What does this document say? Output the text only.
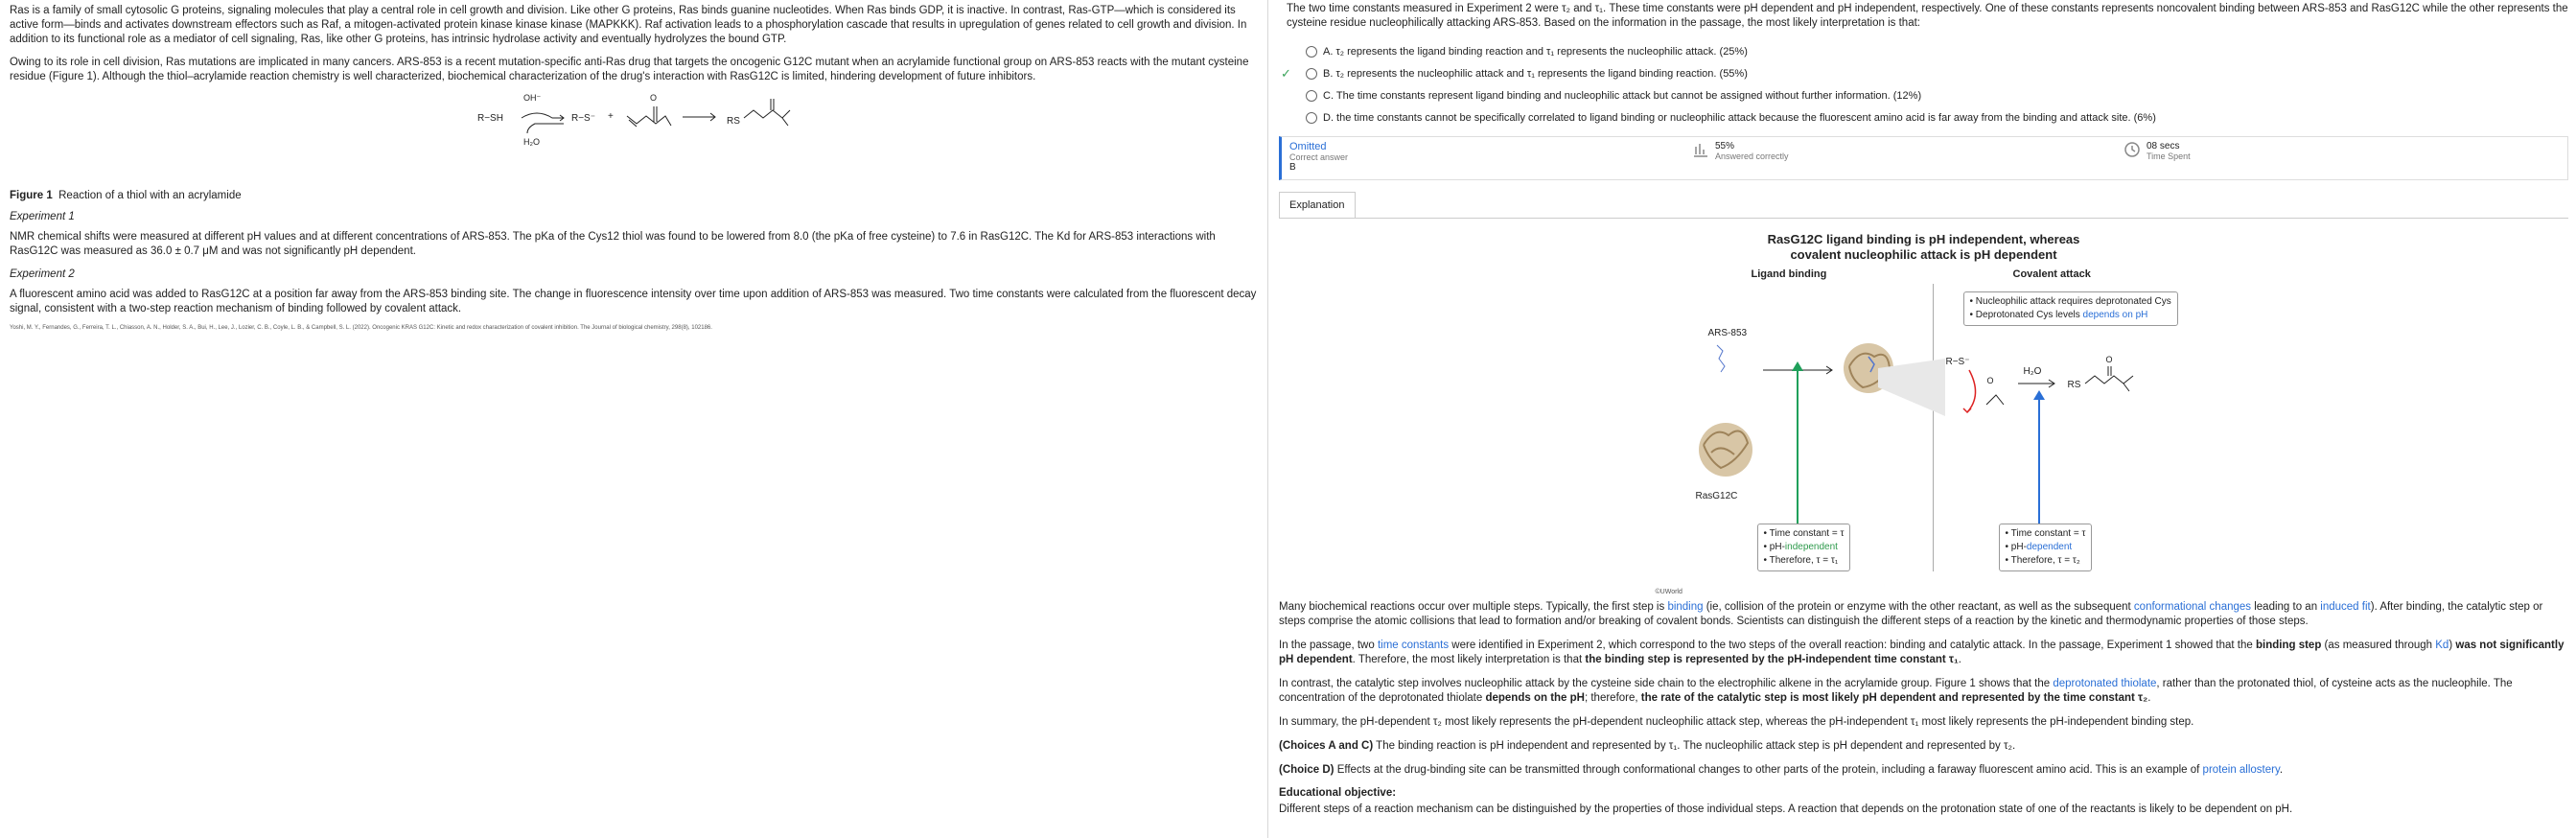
Ras is a family of small cytosolic G proteins, signaling molecules that play a central role in cell growth and division. Like other G proteins, Ras binds guanine nucleotides. When Ras binds GDP, it is inactive. In contrast, Ras-GTP—which is considered its active form—binds and activates downstream effectors such as Raf, a mitogen-activated protein kinase kinase kinase (MAPKKK). Raf activation leads to a phosphorylation cascade that results in upregulation of genes related to cell growth and division. In addition to its functional role as a mediator of cell signaling, Ras, like other G proteins, has intrinsic hydrolase activity and eventually hydrolyzes the bound GTP.

Owing to its role in cell division, Ras mutations are implicated in many cancers. ARS-853 is a recent mutation-specific anti-Ras drug that targets the oncogenic G12C mutant when an acrylamide functional group on ARS-853 reacts with the mutant cysteine residue (Figure 1). Although the thiol–acrylamide reaction chemistry is well characterized, biochemical characterization of the drug's interaction with RasG12C is limited, hindering development of future inhibitors.

R−SH
OH⁻
H₂O
R−S⁻ +
O
→ RS

Figure 1 Reaction of a thiol with an acrylamide

Experiment 1

NMR chemical shifts were measured at different pH values and at different concentrations of ARS-853. The pKa of the Cys12 thiol was found to be lowered from 8.0 (the pKa of free cysteine) to 7.6 in RasG12C. The Kd for ARS-853 interactions with RasG12C was measured as 36.0 ± 0.7 μM and was not significantly pH dependent.

Experiment 2

A fluorescent amino acid was added to RasG12C at a position far away from the ARS-853 binding site. The change in fluorescence intensity over time upon addition of ARS-853 was measured. Two time constants were calculated from the fluorescent decay signal, consistent with a two-step reaction mechanism of binding followed by covalent attack.

Yoshi, M. Y., Fernandes, G., Ferreira, T. L., Chiasson, A. N., Holder, S. A., Bui, H., Lee, J., Lozier, C. B., Coyle, L. B., & Campbell, S. L. (2022). Oncogenic KRAS G12C: Kinetic and redox characterization of covalent inhibition. The Journal of biological chemistry, 298(8), 102186.

The two time constants measured in Experiment 2 were τ₂ and τ₁. These time constants were pH dependent and pH independent, respectively. One of these constants represents noncovalent binding between ARS-853 and RasG12C while the other represents the cysteine residue nucleophilically attacking ARS-853. Based on the information in the passage, the most likely interpretation is that:

A. τ₂ represents the ligand binding reaction and τ₁ represents the nucleophilic attack. (25%)
✓	B. τ₂ represents the nucleophilic attack and τ₁ represents the ligand binding reaction. (55%)
C. The time constants represent ligand binding and nucleophilic attack but cannot be assigned without further information. (12%)
D. the time constants cannot be specifically correlated to ligand binding or nucleophilic attack because the fluorescent amino acid is far away from the binding and attack site. (6%)
Omitted
Correct answer
B
55%
Answered correctly
08 secs
Time Spent
Explanation
RasG12C ligand binding is pH independent, whereas
covalent nucleophilic attack is pH dependent
Ligand binding	Covalent attack
• Nucleophilic attack requires deprotonated Cys
• Deprotonated Cys levels depends on pH
ARS-853
RasG12C
R−S⁻
O
H₂O
RS
O
• Time constant = τ
• pH-independent
• Therefore, τ = τ₁
• Time constant = τ
• pH-dependent
• Therefore, τ = τ₂
©UWorld

Many biochemical reactions occur over multiple steps. Typically, the first step is binding (ie, collision of the protein or enzyme with the other reactant, as well as the subsequent conformational changes leading to an induced fit). After binding, the catalytic step or steps comprise the atomic collisions that lead to formation and/or breaking of covalent bonds. Scientists can distinguish the different steps of a reaction by the kinetic and thermodynamic properties of those steps.

In the passage, two time constants were identified in Experiment 2, which correspond to the two steps of the overall reaction: binding and catalytic attack. In the passage, Experiment 1 showed that the binding step (as measured through Kd) was not significantly pH dependent. Therefore, the most likely interpretation is that the binding step is represented by the pH-independent time constant τ₁.

In contrast, the catalytic step involves nucleophilic attack by the cysteine side chain to the electrophilic alkene in the acrylamide group. Figure 1 shows that the deprotonated thiolate, rather than the protonated thiol, of cysteine acts as the nucleophile. The concentration of the deprotonated thiolate depends on the pH; therefore, the rate of the catalytic step is most likely pH dependent and represented by the time constant τ₂.

In summary, the pH-dependent τ₂ most likely represents the pH-dependent nucleophilic attack step, whereas the pH-independent τ₁ most likely represents the pH-independent binding step.

(Choices A and C) The binding reaction is pH independent and represented by τ₁. The nucleophilic attack step is pH dependent and represented by τ₂.

(Choice D) Effects at the drug-binding site can be transmitted through conformational changes to other parts of the protein, including a faraway fluorescent amino acid. This is an example of protein allostery.

Educational objective:

Different steps of a reaction mechanism can be distinguished by the properties of those individual steps. A reaction that depends on the protonation state of one of the reactants is likely to be dependent on pH.
